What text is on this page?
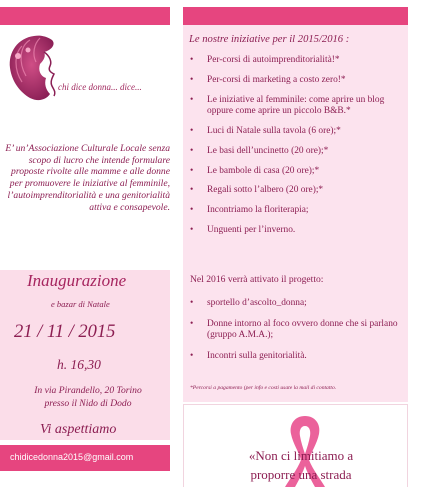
chi dice donna... dice...

E’ un’Associazione Culturale Locale senza scopo di lucro che intende formulare proposte rivolte alle mamme e alle donne per promuovere le iniziative al femminile, l’autoimprenditorialità e una genitorialità attiva e consapevole.

Inaugurazione
e bazar di Natale
21 / 11 / 2015
h. 16,30
In via Pirandello, 20 Torino
presso il Nido di Dodo
Vi aspettiamo
chidicedonna2015@gmail.com
Le nostre iniziative per il 2015/2016 :
• Per-corsi di autoimprenditorialità!*
• Per-corsi di marketing a costo zero!*
• Le iniziative al femminile: come aprire un blog oppure come aprire un piccolo B&B.*
• Luci di Natale sulla tavola (6 ore);*
• Le basi dell’uncinetto (20 ore);*
• Le bambole di casa (20 ore);*
• Regali sotto l’albero (20 ore);*
• Incontriamo la floriterapia;
• Unguenti per l’inverno.
Nel 2016 verrà attivato il progetto:
• sportello d’ascolto_donna;
• Donne intorno al foco ovvero donne che si parlano (gruppo A.M.A.);
• Incontri sulla genitorialità.
*Percorsi a pagamento (per info e costi usate la mail di contatto.
«Non ci limitiamo a
proporre una strada
